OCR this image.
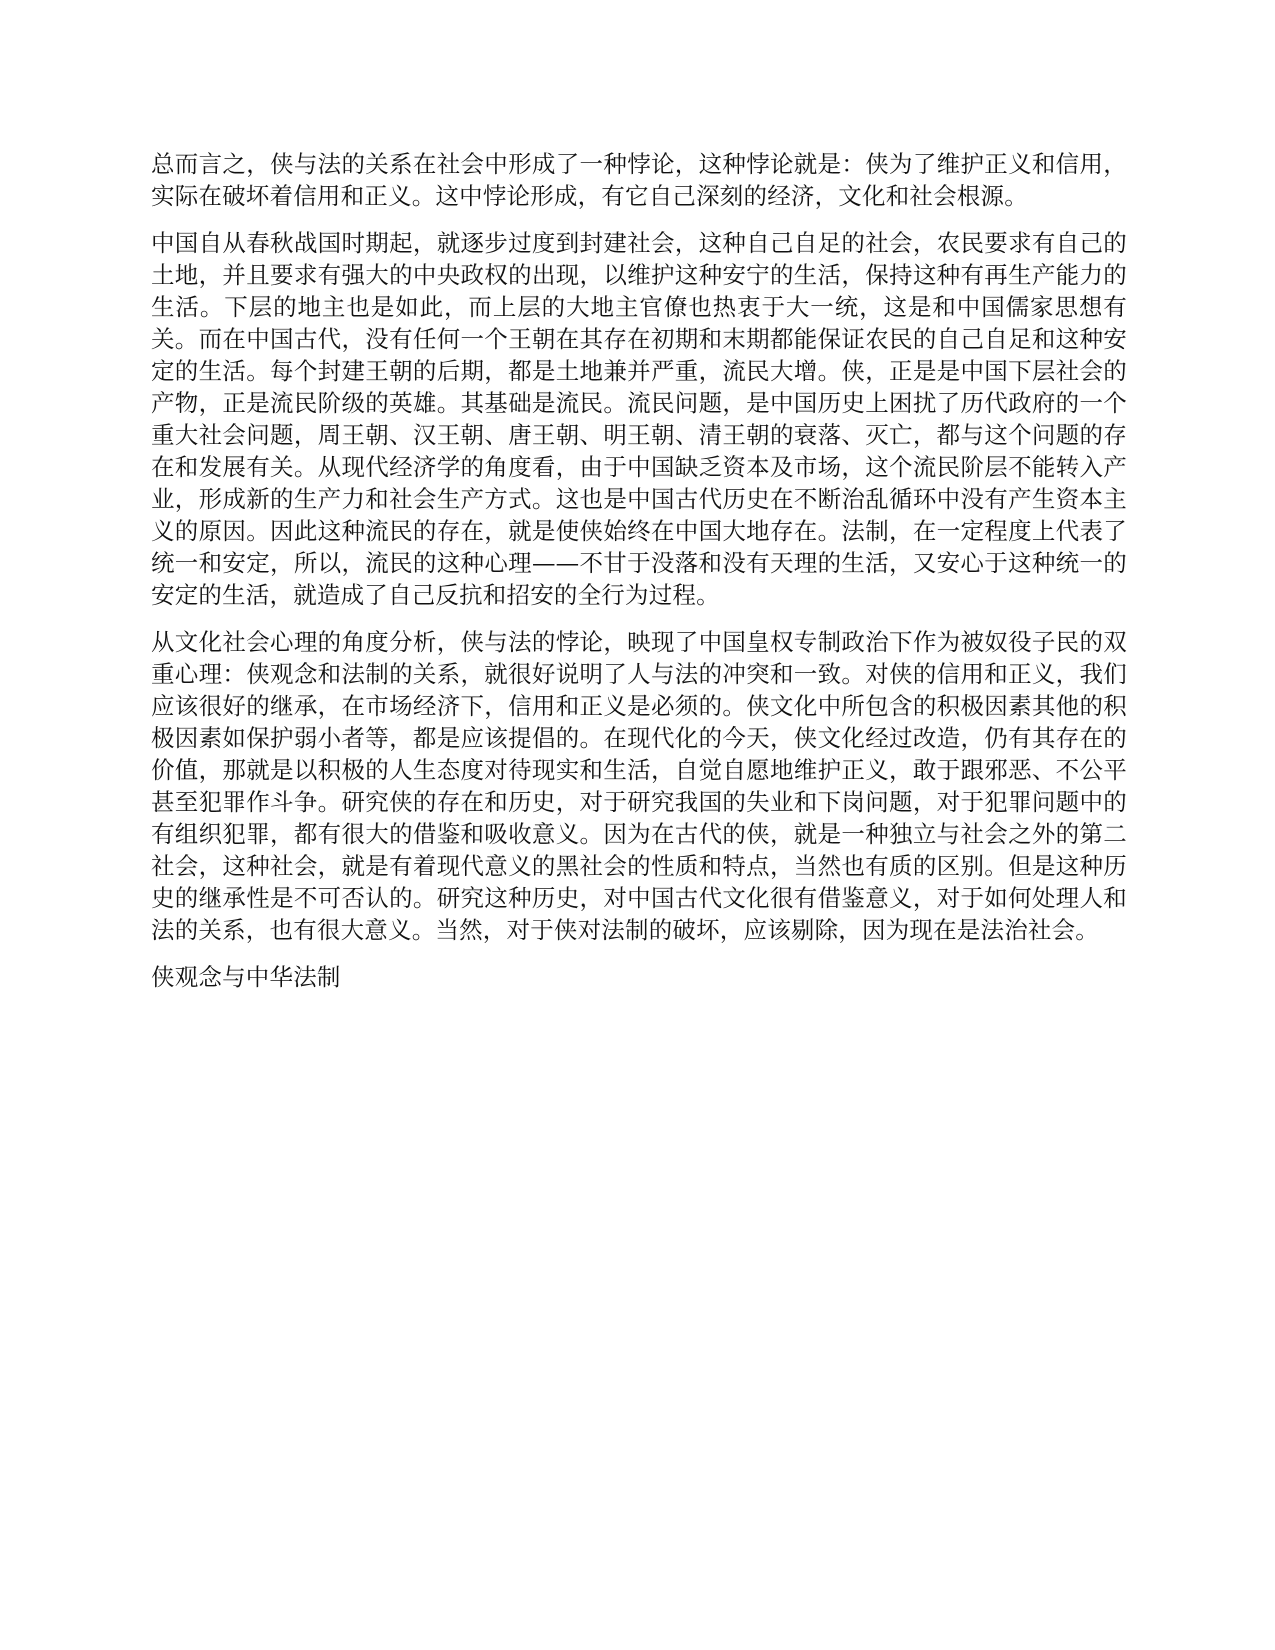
总而言之，侠与法的关系在社会中形成了一种悖论，这种悖论就是：侠为了维护正义和信用，实际在破坏着信用和正义。这中悖论形成，有它自己深刻的经济，文化和社会根源。

中国自从春秋战国时期起，就逐步过度到封建社会，这种自己自足的社会，农民要求有自己的土地，并且要求有强大的中央政权的出现，以维护这种安宁的生活，保持这种有再生产能力的生活。下层的地主也是如此，而上层的大地主官僚也热衷于大一统，这是和中国儒家思想有关。而在中国古代，没有任何一个王朝在其存在初期和末期都能保证农民的自己自足和这种安定的生活。每个封建王朝的后期，都是土地兼并严重，流民大增。侠，正是是中国下层社会的产物，正是流民阶级的英雄。其基础是流民。流民问题，是中国历史上困扰了历代政府的一个重大社会问题，周王朝、汉王朝、唐王朝、明王朝、清王朝的衰落、灭亡，都与这个问题的存在和发展有关。从现代经济学的角度看，由于中国缺乏资本及市场，这个流民阶层不能转入产业，形成新的生产力和社会生产方式。这也是中国古代历史在不断治乱循环中没有产生资本主义的原因。因此这种流民的存在，就是使侠始终在中国大地存在。法制，在一定程度上代表了统一和安定，所以，流民的这种心理——不甘于没落和没有天理的生活，又安心于这种统一的安定的生活，就造成了自己反抗和招安的全行为过程。

从文化社会心理的角度分析，侠与法的悖论，映现了中国皇权专制政治下作为被奴役子民的双重心理：侠观念和法制的关系，就很好说明了人与法的冲突和一致。对侠的信用和正义，我们应该很好的继承，在市场经济下，信用和正义是必须的。侠文化中所包含的积极因素其他的积极因素如保护弱小者等，都是应该提倡的。在现代化的今天，侠文化经过改造，仍有其存在的价值，那就是以积极的人生态度对待现实和生活，自觉自愿地维护正义，敢于跟邪恶、不公平甚至犯罪作斗争。研究侠的存在和历史，对于研究我国的失业和下岗问题，对于犯罪问题中的有组织犯罪，都有很大的借鉴和吸收意义。因为在古代的侠，就是一种独立与社会之外的第二社会，这种社会，就是有着现代意义的黑社会的性质和特点，当然也有质的区别。但是这种历史的继承性是不可否认的。研究这种历史，对中国古代文化很有借鉴意义，对于如何处理人和法的关系，也有很大意义。当然，对于侠对法制的破坏，应该剔除，因为现在是法治社会。

侠观念与中华法制
